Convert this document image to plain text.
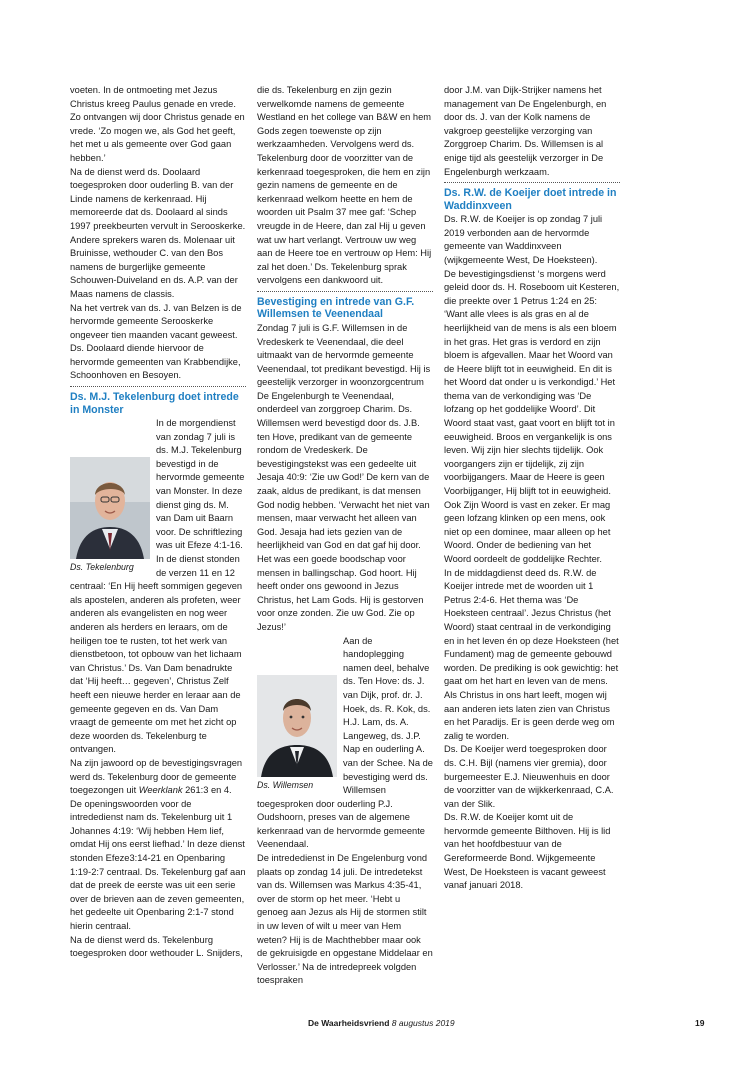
voeten. In de ontmoeting met Jezus Christus kreeg Paulus genade en vrede. Zo ontvangen wij door Christus genade en vrede. ‘Zo mogen we, als God het geeft, het met u als gemeente over God gaan hebben.’

Na de dienst werd ds. Doolaard toegesproken door ouderling B. van der Linde namens de kerkenraad. Hij memoreerde dat ds. Doolaard al sinds 1997 preekbeurten vervult in Serooskerke.

Andere sprekers waren ds. Molenaar uit Bruinisse, wethouder C. van den Bos namens de burgerlijke gemeente Schouwen-Duiveland en ds. A.P. van der Maas namens de classis.

Na het vertrek van ds. J. van Belzen is de hervormde gemeente Serooskerke ongeveer tien maanden vacant geweest. Ds. Doolaard diende hiervoor de hervormde gemeenten van Krabbendijke, Schoonhoven en Besoyen.

Ds. M.J. Tekelenburg doet intrede in Monster

Ds. Tekelenburg
In de morgendienst van zondag 7 juli is ds. M.J. Tekelenburg bevestigd in de hervormde gemeente van Monster. In deze dienst ging ds. M. van Dam uit Baarn voor. De schriftlezing was uit Efeze 4:1-16. In de dienst stonden de verzen 11 en 12 centraal: ‘En Hij heeft sommigen gegeven als apostelen, anderen als profeten, weer anderen als evangelisten en nog weer anderen als herders en leraars, om de heiligen toe te rusten, tot het werk van dienstbetoon, tot opbouw van het lichaam van Christus.’ Ds. Van Dam benadrukte dat ‘Hij heeft… gegeven’, Christus Zelf heeft een nieuwe herder en leraar aan de gemeente gegeven en ds. Van Dam vraagt de gemeente om met het zicht op deze woorden ds. Tekelenburg te ontvangen.

Na zijn jawoord op de bevestigingsvragen werd ds. Tekelenburg door de gemeente toegezongen uit Weerklank 261:3 en 4.

De openingswoorden voor de intrededienst nam ds. Tekelenburg uit 1 Johannes 4:19: ‘Wij hebben Hem lief, omdat Hij ons eerst liefhad.’ In deze dienst stonden Efeze3:14-21 en Openbaring 1:19-2:7 centraal. Ds. Tekelenburg gaf aan dat de preek de eerste was uit een serie over de brieven aan de zeven gemeenten, het gedeelte uit Openbaring 2:1-7 stond hierin centraal.

Na de dienst werd ds. Tekelenburg toegesproken door wethouder L. Snijders,

die ds. Tekelenburg en zijn gezin verwelkomde namens de gemeente Westland en het college van B&W en hem Gods zegen toewenste op zijn werkzaamheden. Vervolgens werd ds. Tekelenburg door de voorzitter van de kerkenraad toegesproken, die hem en zijn gezin namens de gemeente en de kerkenraad welkom heette en hem de woorden uit Psalm 37 mee gaf: ‘Schep vreugde in de Heere, dan zal Hij u geven wat uw hart verlangt. Vertrouw uw weg aan de Heere toe en vertrouw op Hem: Hij zal het doen.’ Ds. Tekelenburg sprak vervolgens een dankwoord uit.

Bevestiging en intrede van G.F. Willemsen te Veenendaal

Zondag 7 juli is G.F. Willemsen in de Vredeskerk te Veenendaal, die deel uitmaakt van de hervormde gemeente Veenendaal, tot predikant bevestigd. Hij is geestelijk verzorger in woonzorgcentrum De Engelenburgh te Veenendaal, onderdeel van zorggroep Charim. Ds. Willemsen werd bevestigd door ds. J.B. ten Hove, predikant van de gemeente rondom de Vredeskerk. De bevestigingstekst was een gedeelte uit Jesaja 40:9: ‘Zie uw God!’ De kern van de zaak, aldus de predikant, is dat mensen God nodig hebben. ‘Verwacht het niet van mensen, maar verwacht het alleen van God. Jesaja had iets gezien van de heerlijkheid van God en dat gaf hij door. Het was een goede boodschap voor mensen in ballingschap. God hoort. Hij heeft onder ons gewoond in Jezus Christus, het Lam Gods. Hij is gestorven voor onze zonden. Zie uw God. Zie op Jezus!’

Ds. Willemsen
Aan de handoplegging namen deel, behalve ds. Ten Hove: ds. J. van Dijk, prof. dr. J. Hoek, ds. R. Kok, ds. H.J. Lam, ds. A. Langeweg, ds. J.P. Nap en ouderling A. van der Schee. Na de bevestiging werd ds. Willemsen toegesproken door ouderling P.J. Oudshoorn, preses van de algemene kerkenraad van de hervormde gemeente Veenendaal.

De intrededienst in De Engelenburg vond plaats op zondag 14 juli. De intredetekst van ds. Willemsen was Markus 4:35-41, over de storm op het meer. ‘Hebt u genoeg aan Jezus als Hij de stormen stilt in uw leven of wilt u meer van Hem weten? Hij is de Machthebber maar ook de gekruisigde en opgestane Middelaar en Verlosser.’ Na de intredepreek volgden toespraken

door J.M. van Dijk-Strijker namens het management van De Engelenburgh, en door ds. J. van der Kolk namens de vakgroep geestelijke verzorging van Zorggroep Charim. Ds. Willemsen is al enige tijd als geestelijk verzorger in De Engelenburgh werkzaam.

Ds. R.W. de Koeijer doet intrede in Waddinxveen

Ds. R.W. de Koeijer is op zondag 7 juli 2019 verbonden aan de hervormde gemeente van Waddinxveen (wijkgemeente West, De Hoeksteen).

De bevestigingsdienst ‘s morgens werd geleid door ds. H. Roseboom uit Kesteren, die preekte over 1 Petrus 1:24 en 25: ‘Want alle vlees is als gras en al de heerlijkheid van de mens is als een bloem in het gras. Het gras is verdord en zijn bloem is afgevallen. Maar het Woord van de Heere blijft tot in eeuwigheid. En dit is het Woord dat onder u is verkondigd.’ Het thema van de verkondiging was ‘De lofzang op het goddelijke Woord’. Dit Woord staat vast, gaat voort en blijft tot in eeuwigheid. Broos en vergankelijk is ons leven. Wij zijn hier slechts tijdelijk. Ook voorgangers zijn er tijdelijk, zij zijn voorbijgangers. Maar de Heere is geen Voorbijganger, Hij blijft tot in eeuwigheid. Ook Zijn Woord is vast en zeker. Er mag geen lofzang klinken op een mens, ook niet op een dominee, maar alleen op het Woord. Onder de bediening van het Woord oordeelt de goddelijke Rechter.

In de middagdienst deed ds. R.W. de Koeijer intrede met de woorden uit 1 Petrus 2:4-6. Het thema was ‘De Hoeksteen centraal’. Jezus Christus (het Woord) staat centraal in de verkondiging en in het leven én op deze Hoeksteen (het Fundament) mag de gemeente gebouwd worden. De prediking is ook gewichtig: het gaat om het hart en leven van de mens. Als Christus in ons hart leeft, mogen wij aan anderen iets laten zien van Christus en het Paradijs. Er is geen derde weg om zalig te worden.

Ds. De Koeijer werd toegesproken door ds. C.H. Bijl (namens vier gremia), door burgemeester E.J. Nieuwenhuis en door de voorzitter van de wijkkerkenraad, C.A. van der Slik.

Ds. R.W. de Koeijer komt uit de hervormde gemeente Bilthoven. Hij is lid van het hoofdbestuur van de Gereformeerde Bond. Wijkgemeente West, De Hoeksteen is vacant geweest vanaf januari 2018.

De Waarheidsvriend 8 augustus 2019	19
